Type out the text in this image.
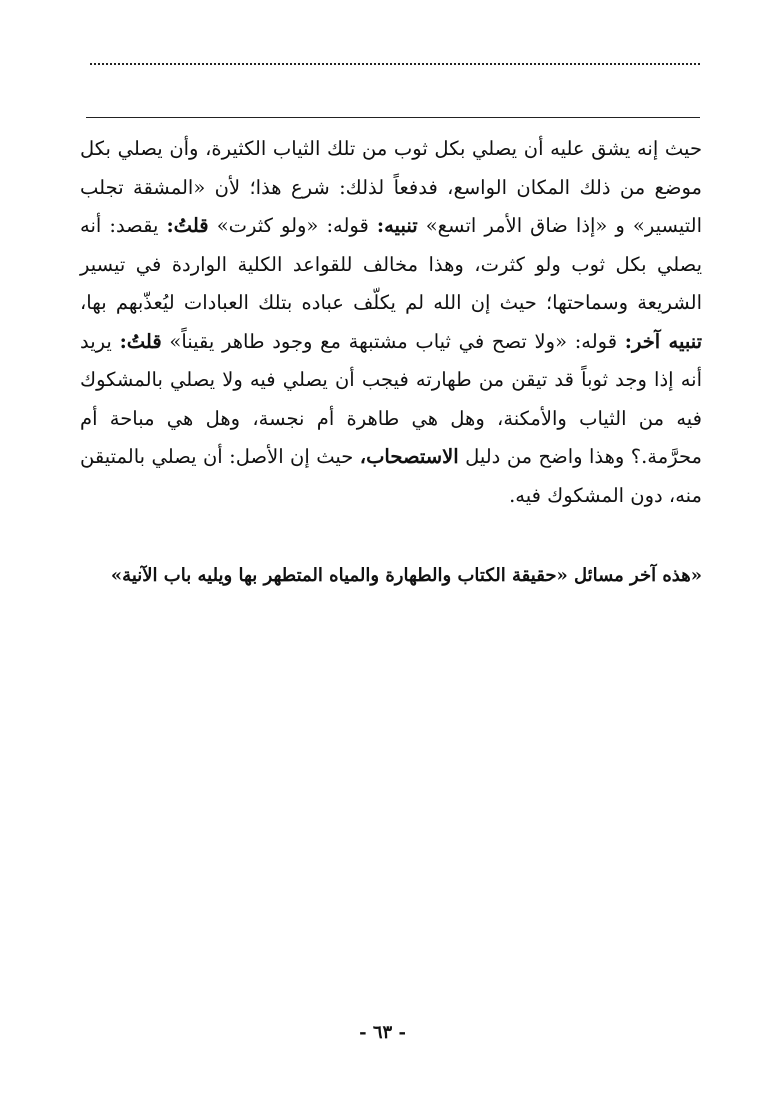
حيث إنه يشق عليه أن يصلي بكل ثوب من تلك الثياب الكثيرة، وأن يصلي بكل موضع من ذلك المكان الواسع، فدفعاً لذلك: شرع هذا؛ لأن «المشقة تجلب التيسير» و «إذا ضاق الأمر اتسع» تنبيه: قوله: «ولو كثرت» قلتُ: يقصد: أنه يصلي بكل ثوب ولو كثرت، وهذا مخالف للقواعد الكلية الواردة في تيسير الشريعة وسماحتها؛ حيث إن الله لم يكلّف عباده بتلك العبادات ليُعذّبهم بها، تنبيه آخر: قوله: «ولا تصح في ثياب مشتبهة مع وجود طاهر يقيناً» قلتُ: يريد أنه إذا وجد ثوباً قد تيقن من طهارته فيجب أن يصلي فيه ولا يصلي بالمشكوك فيه من الثياب والأمكنة، وهل هي طاهرة أم نجسة، وهل هي مباحة أم محرَّمة.؟ وهذا واضح من دليل الاستصحاب، حيث إن الأصل: أن يصلي بالمتيقن منه، دون المشكوك فيه.

«هذه آخر مسائل «حقيقة الكتاب والطهارة والمياه المتطهر بها ويليه باب الآنية»

- ٦٣ -
